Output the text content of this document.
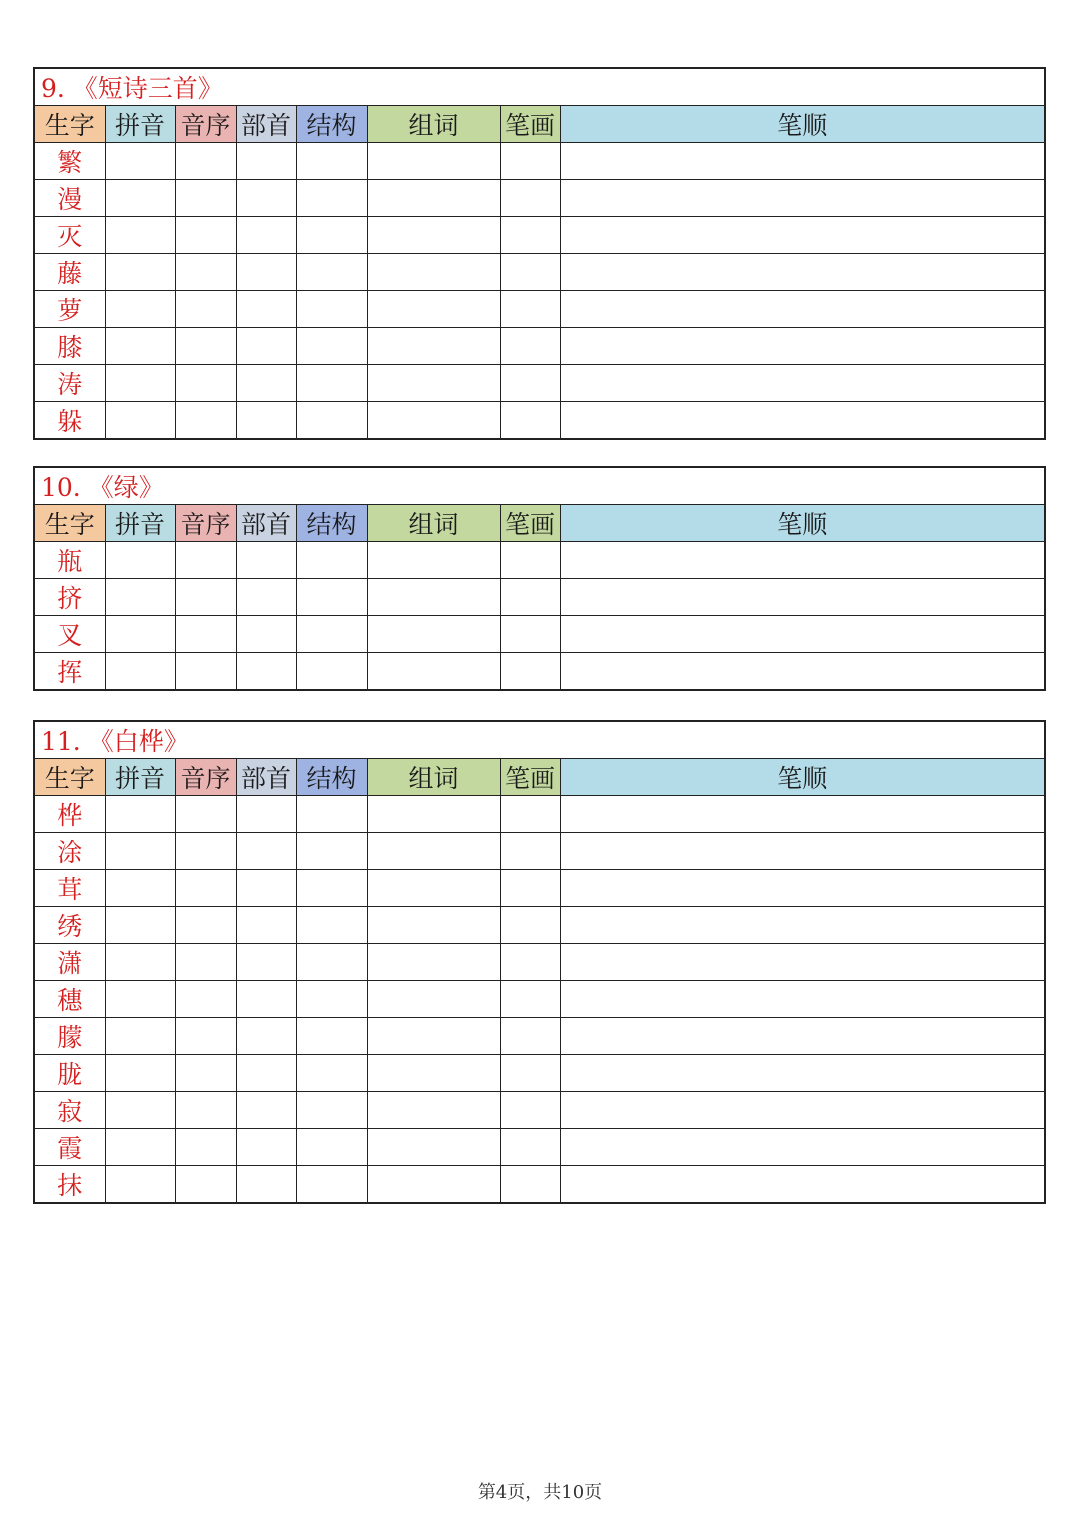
9. 《短诗三首》							
生字	拼音	音序	部首	结构	组词	笔画	笔顺
繁							
漫							
灭							
藤							
萝							
膝							
涛							
躲							
10. 《绿》							
生字	拼音	音序	部首	结构	组词	笔画	笔顺
瓶							
挤							
叉							
挥							
11. 《白桦》							
生字	拼音	音序	部首	结构	组词	笔画	笔顺
桦							
涂							
茸							
绣							
潇							
穗							
朦							
胧							
寂							
霞							
抹							
第4页，共10页
